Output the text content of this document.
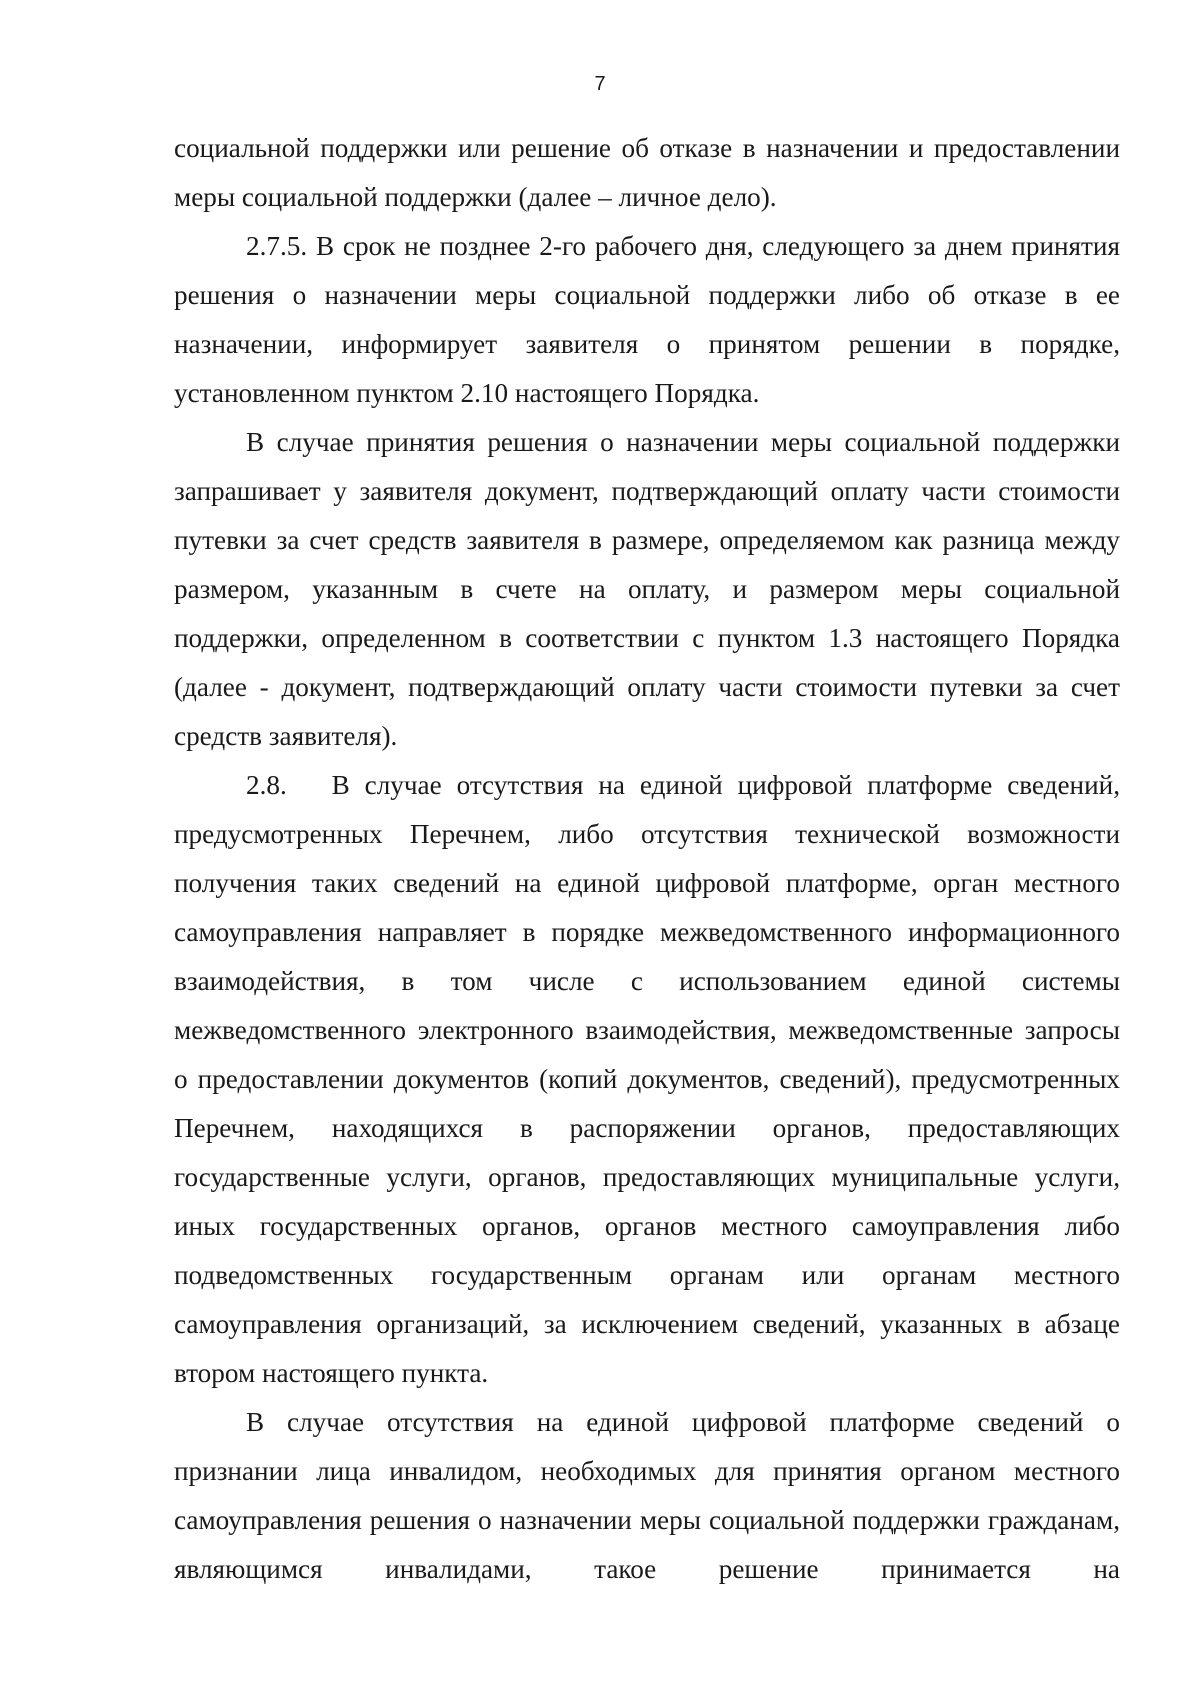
7

социальной поддержки или решение об отказе в назначении и предоставлении меры социальной поддержки (далее – личное дело).

2.7.5. В срок не позднее 2-го рабочего дня, следующего за днем принятия решения о назначении меры социальной поддержки либо об отказе в ее назначении, информирует заявителя о принятом решении в порядке, установленном пунктом 2.10 настоящего Порядка.

В случае принятия решения о назначении меры социальной поддержки запрашивает у заявителя документ, подтверждающий оплату части стоимости путевки за счет средств заявителя в размере, определяемом как разница между размером, указанным в счете на оплату, и размером меры социальной поддержки, определенном в соответствии с пунктом 1.3 настоящего Порядка (далее - документ, подтверждающий оплату части стоимости путевки за счет средств заявителя).

2.8.   В случае отсутствия на единой цифровой платформе сведений, предусмотренных Перечнем, либо отсутствия технической возможности получения таких сведений на единой цифровой платформе, орган местного самоуправления направляет в порядке межведомственного информационного взаимодействия, в том числе с использованием единой системы межведомственного электронного взаимодействия, межведомственные запросы о предоставлении документов (копий документов, сведений), предусмотренных Перечнем, находящихся в распоряжении органов, предоставляющих государственные услуги, органов, предоставляющих муниципальные услуги, иных государственных органов, органов местного самоуправления либо подведомственных государственным органам или органам местного самоуправления организаций, за исключением сведений, указанных в абзаце втором настоящего пункта.

В случае отсутствия на единой цифровой платформе сведений о признании лица инвалидом, необходимых для принятия органом местного самоуправления решения о назначении меры социальной поддержки гражданам, являющимся инвалидами, такое решение принимается на
